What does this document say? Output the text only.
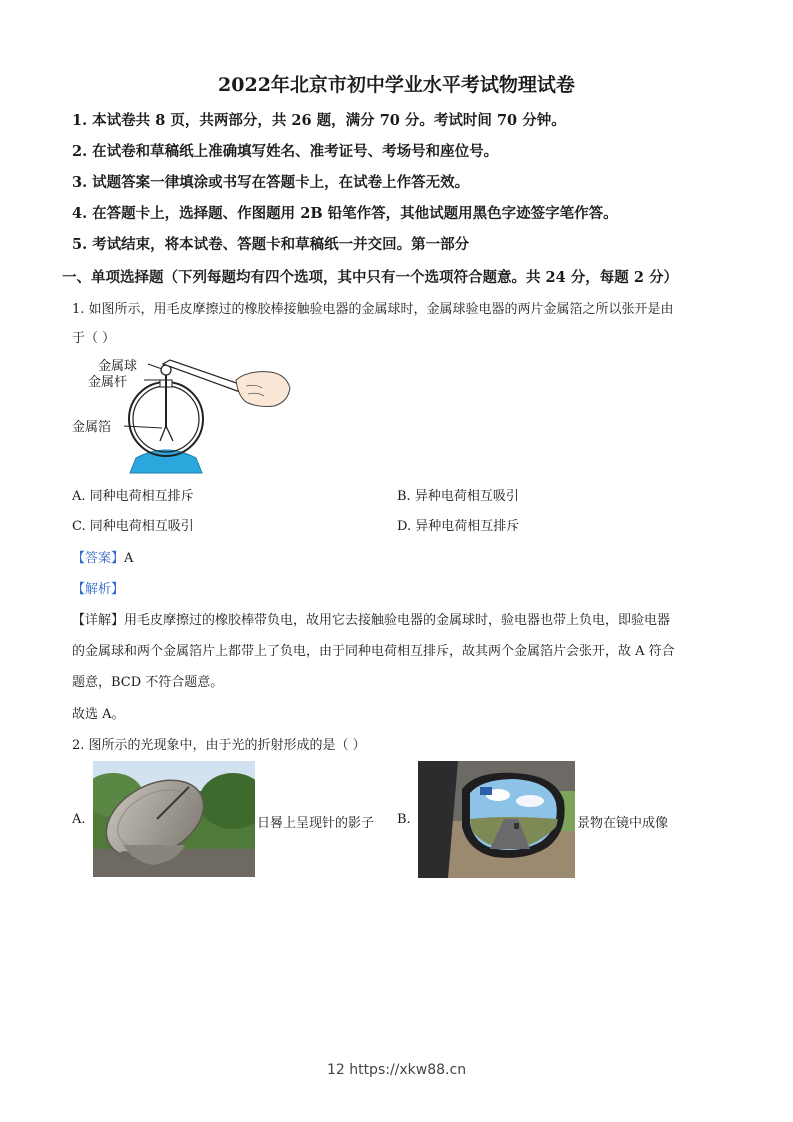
2022年北京市初中学业水平考试物理试卷
1. 本试卷共 8 页，共两部分，共 26 题，满分 70 分。考试时间 70 分钟。
2. 在试卷和草稿纸上准确填写姓名、准考证号、考场号和座位号。
3. 试题答案一律填涂或书写在答题卡上，在试卷上作答无效。
4. 在答题卡上，选择题、作图题用 2B 铅笔作答，其他试题用黑色字迹签字笔作答。
5. 考试结束，将本试卷、答题卡和草稿纸一并交回。第一部分
一、单项选择题（下列每题均有四个选项，其中只有一个选项符合题意。共 24 分，每题 2 分）
1. 如图所示，用毛皮摩擦过的橡胶棒接触验电器的金属球时，金属球验电器的两片金属箔之所以张开是由
于（ ）
金属球
金属杆
金属箔
A. 同种电荷相互排斥	B. 异种电荷相互吸引
C. 同种电荷相互吸引	D. 异种电荷相互排斥
【答案】A
【解析】
【详解】用毛皮摩擦过的橡胶棒带负电，故用它去接触验电器的金属球时，验电器也带上负电，即验电器
的金属球和两个金属箔片上都带上了负电，由于同种电荷相互排斥，故其两个金属箔片会张开，故 A 符合
题意，BCD 不符合题意。
故选 A。
2. 图所示的光现象中，由于光的折射形成的是（ ）
A.	日晷上呈现针的影子 B.	景物在镜中成像
12 https://xkw88.cn
